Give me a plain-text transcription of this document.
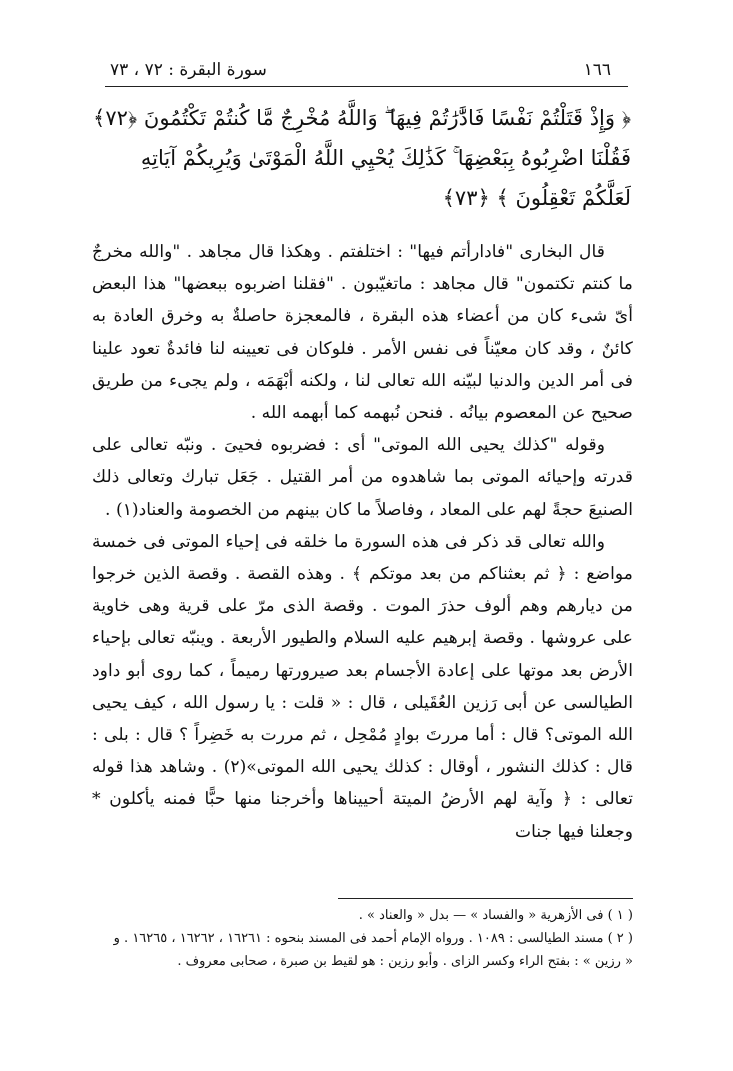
١٦٦
سورة البقرة : ٧٢ ، ٧٣
﴿ وَإِذْ قَتَلْتُمْ نَفْسًا فَادَّٰرَٰتُمْ فِيهَا ۖ وَاللَّهُ مُخْرِجٌ مَّا كُنتُمْ تَكْتُمُونَ ﴿٧٢﴾
فَقُلْنَا اضْرِبُوهُ بِبَعْضِهَا ۚ كَذَٰلِكَ يُحْيِي اللَّهُ الْمَوْتَىٰ وَيُرِيكُمْ آيَاتِهِ
لَعَلَّكُمْ تَعْقِلُونَ ﴾ ﴿٧٣﴾

قال البخارى "فادارأتم فيها" : اختلفتم . وهكذا قال مجاهد . "والله مخرجٌ ما كنتم تكتمون" قال مجاهد : ماتغيّبون . "فقلنا اضربوه ببعضها" هذا البعض أىّ شىء كان من أعضاء هذه البقرة ، فالمعجزة حاصلةٌ به وخرق العادة به كائنٌ ، وقد كان معيّناً فى نفس الأمر . فلوكان فى تعيينه لنا فائدةٌ تعود علينا فى أمر الدين والدنيا لبيّنه الله تعالى لنا ، ولكنه أبْهَمَه ، ولم يجىء من طريق صحيح عن المعصوم بيانُه . فنحن نُبهمه كما أبهمه الله .

وقوله "كذلك يحيى الله الموتى" أى : فضربوه فحيىَ . ونبّه تعالى على قدرته وإحيائه الموتى بما شاهدوه من أمر القتيل . جَعَل تبارك وتعالى ذلك الصنيعَ حجةً لهم على المعاد ، وفاصلاً ما كان بينهم من الخصومة والعناد(١) .

والله تعالى قد ذكر فى هذه السورة ما خلقه فى إحياء الموتى فى خمسة مواضع : ﴿ ثم بعثناكم من بعد موتكم ﴾ . وهذه القصة . وقصة الذين خرجوا من ديارهم وهم ألوف حذرَ الموت . وقصة الذى مرّ على قرية وهى خاوية على عروشها . وقصة إبرهيم عليه السلام والطيور الأربعة . وينبّه تعالى بإحياء الأرض بعد موتها على إعادة الأجسام بعد صيرورتها رميماً ، كما روى أبو داود الطيالسى عن أبى رَزين العُقَيلى ، قال : « قلت : يا رسول الله ، كيف يحيى الله الموتى؟ قال : أما مررتَ بوادٍ مُمْحِل ، ثم مررت به خَضِراً ؟ قال : بلى : قال : كذلك النشور ، أوقال : كذلك يحيى الله الموتى»(٢) . وشاهد هذا قوله تعالى : ﴿ وآية لهم الأرضُ الميتة أحييناها وأخرجنا منها حبًّا فمنه يأكلون * وجعلنا فيها جنات

( ١ ) فى الأزهرية « والفساد » — بدل « والعناد » .

( ٢ ) مسند الطيالسى : ١٠٨٩ . ورواه الإمام أحمد فى المسند بنحوه : ١٦٢٦١ ، ١٦٢٦٢ ، ١٦٢٦٥ . و « رزين » : بفتح الراء وكسر الزاى . وأبو رزين : هو لقيط بن صبرة ، صحابى معروف .
